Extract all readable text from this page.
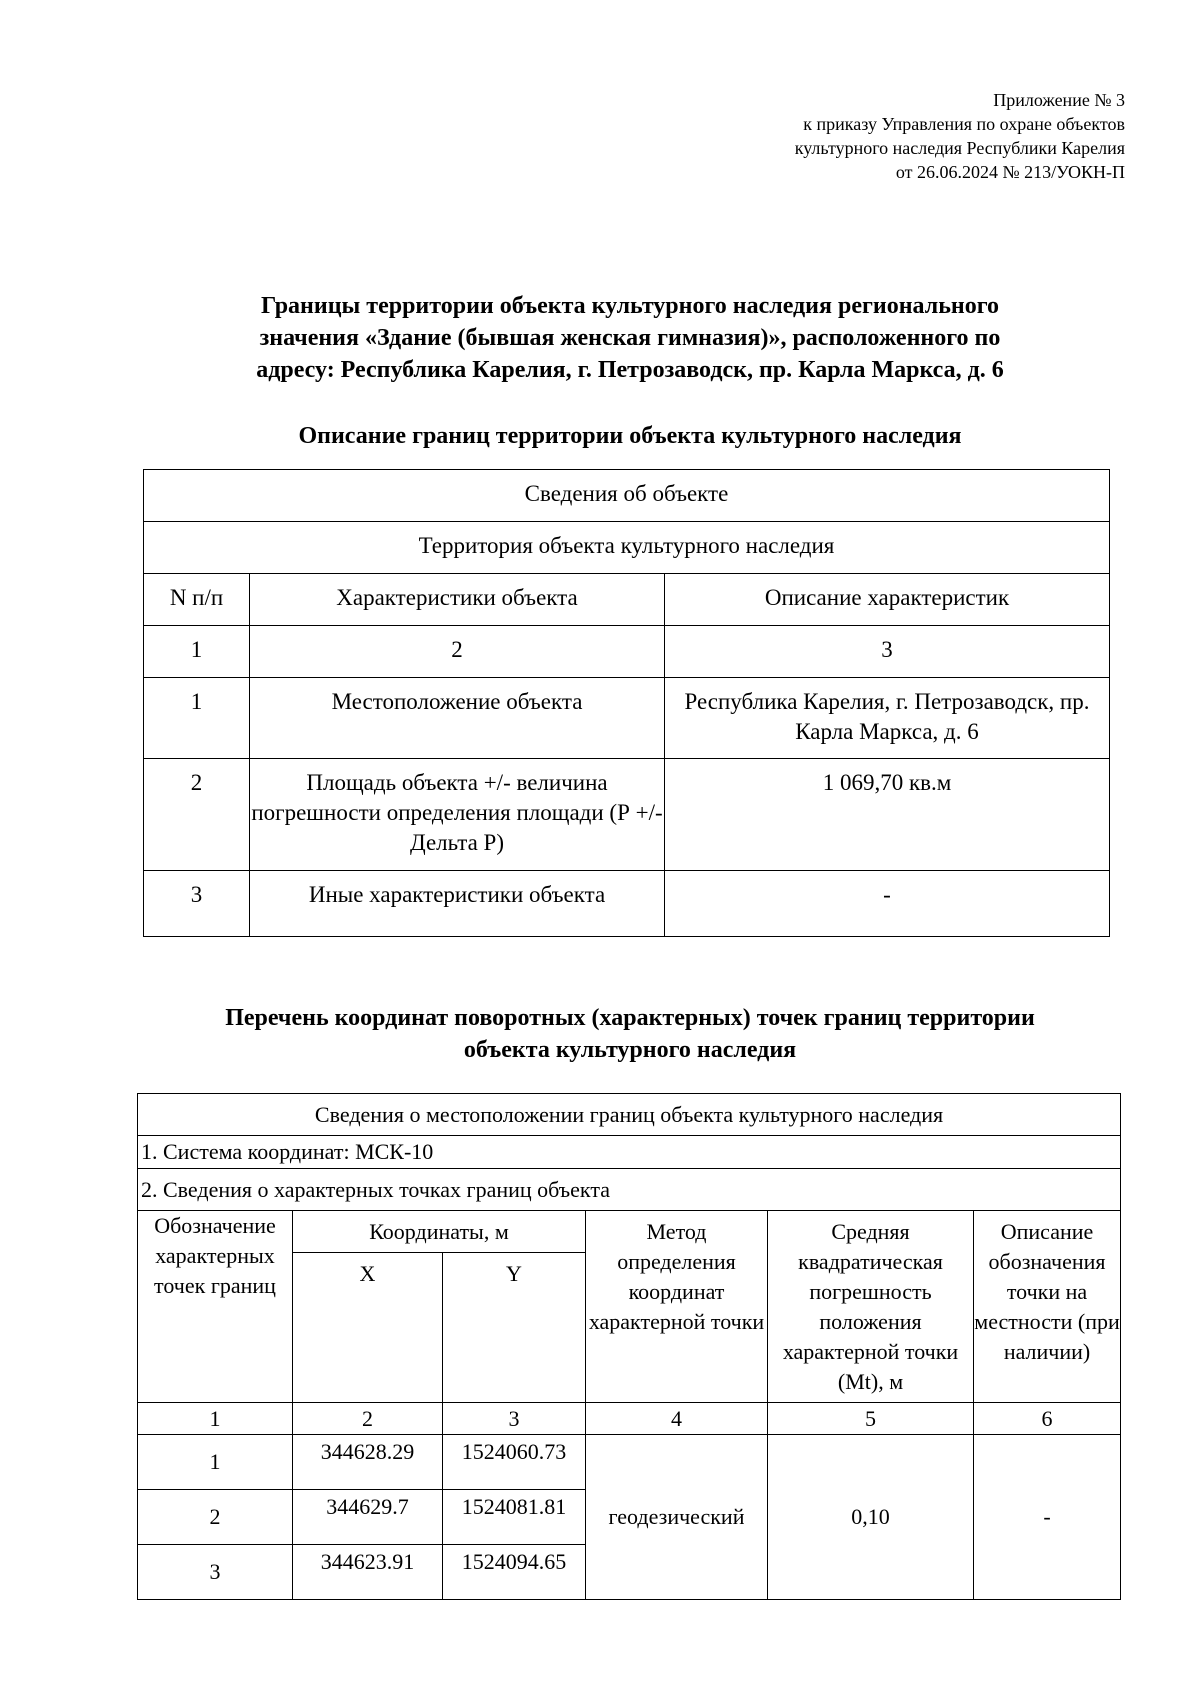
Приложение № 3
к приказу Управления по охране объектов
культурного наследия Республики Карелия
от 26.06.2024 № 213/УОКН-П
Границы территории объекта культурного наследия регионального
значения «Здание (бывшая женская гимназия)», расположенного по
адресу: Республика Карелия, г. Петрозаводск, пр. Карла Маркса, д. 6
Описание границ территории объекта культурного наследия
Сведения об объекте		
Территория объекта культурного наследия		
N п/п	Характеристики объекта	Описание характеристик
1	2	3
1	Местоположение объекта	Республика Карелия, г. Петрозаводск, пр. Карла Маркса, д. 6
2	Площадь объекта +/- величина погрешности определения площади (Р +/- Дельта Р)	1 069,70 кв.м
3	Иные характеристики объекта	-
Перечень координат поворотных (характерных) точек границ территории
объекта культурного наследия
Сведения о местоположении границ объекта культурного наследия					
1. Система координат: МСК-10					
2. Сведения о характерных точках границ объекта					
Обозначение характерных точек границ	Координаты, м		Метод определения координат характерной точки	Средняя квадратическая погрешность положения характерной точки (Mt), м	Описание обозначения точки на местности (при наличии)
	X	Y			
1	2	3	4	5	6
1	344628.29	1524060.73	геодезический	0,10	-
2	344629.7	1524081.81			
3	344623.91	1524094.65			
